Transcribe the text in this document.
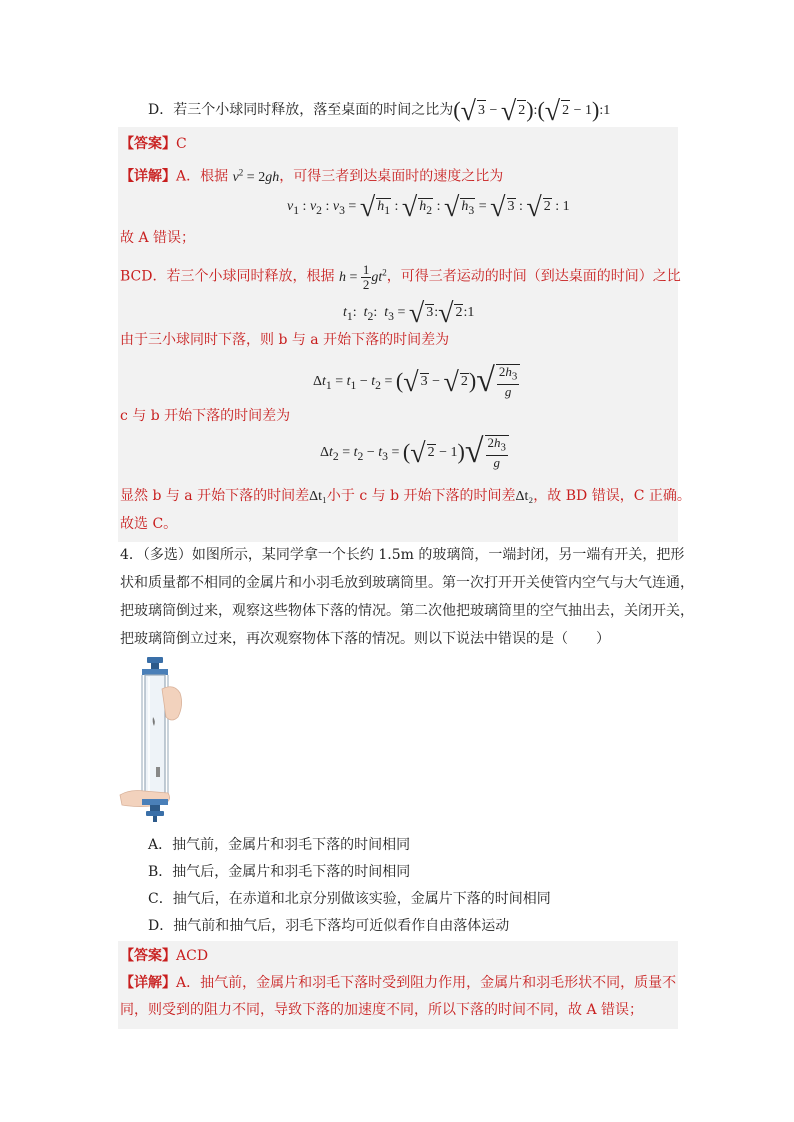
D．若三个小球同时释放，落至桌面的时间之比为(√ 3 − √ 2):(√ 2 − 1):1
【答案】C
【详解】A．根据 $v^2 = 2gh$，可得三者到达桌面时的速度之比为
$v_1$ : $v_2$ : $v_3$ = √ $h_1$ : √ $h_2$ : √ $h_3$ = √ 3 : √ 2 : 1
故 A 错误；
BCD．若三个小球同时释放，根据 $h = \frac{1}{2} gt^2$，可得三者运动的时间（到达桌面的时间）之比
$t_1$:  $t_2$:  $t_3$ = √ 3:√ 2:1
由于三小球同时下落，则 b 与 a 开始下落的时间差为
$\Delta t_1 = t_1 - t_2$ = (√ 3 − √ $2)√ \frac{2h_3}{g}$
c 与 b 开始下落的时间差为
$\Delta t_2 = t_2 - t_3$ = (√ $2 - 1)√ \frac{2h_3}{g}$
显然 b 与 a 开始下落的时间差Δt₁小于 c 与 b 开始下落的时间差Δt₂，故 BD 错误，C 正确。
故选 C。
4．（多选）如图所示，某同学拿一个长约 1.5m 的玻璃筒，一端封闭，另一端有开关，把形
状和质量都不相同的金属片和小羽毛放到玻璃筒里。第一次打开开关使管内空气与大气连通，
把玻璃筒倒过来，观察这些物体下落的情况。第二次他把玻璃筒里的空气抽出去，关闭开关，
把玻璃筒倒立过来，再次观察物体下落的情况。则以下说法中错误的是（　　）
A．抽气前，金属片和羽毛下落的时间相同
B．抽气后，金属片和羽毛下落的时间相同
C．抽气后，在赤道和北京分别做该实验，金属片下落的时间相同
D．抽气前和抽气后，羽毛下落均可近似看作自由落体运动
【答案】ACD
【详解】A．抽气前，金属片和羽毛下落时受到阻力作用，金属片和羽毛形状不同，质量不
同，则受到的阻力不同，导致下落的加速度不同，所以下落的时间不同，故 A 错误；
